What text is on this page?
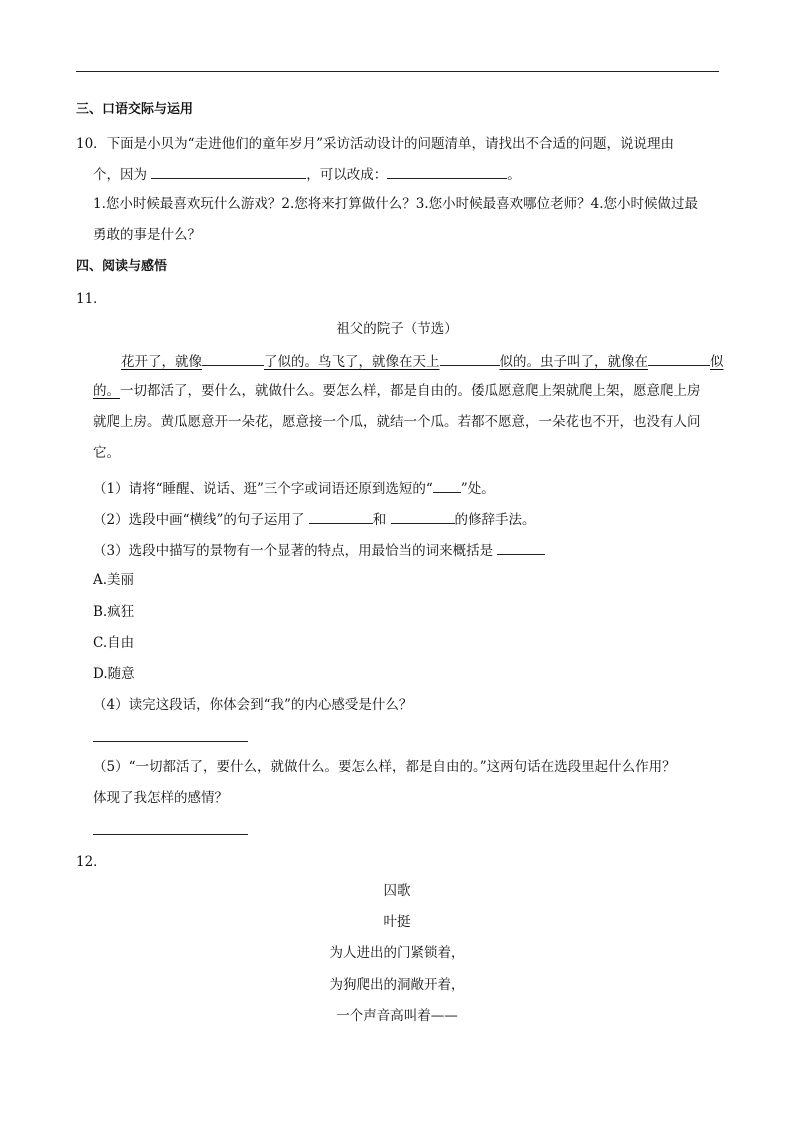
三、口语交际与运用
10．下面是小贝为“走进他们的童年岁月”采访活动设计的问题清单，请找出不合适的问题，说说理由
个，因为	，可以改成：	。
1.您小时候最喜欢玩什么游戏？2.您将来打算做什么？3.您小时候最喜欢哪位老师？4.您小时候做过最
勇敢的事是什么？
四、阅读与感悟
11．
祖父的院子（节选）
花开了，就像	了似的。鸟飞了，就像在天上	似的。虫子叫了，就像在	似
的。一切都活了，要什么，就做什么。要怎么样，都是自由的。倭瓜愿意爬上架就爬上架，愿意爬上房
就爬上房。黄瓜愿意开一朵花，愿意接一个瓜，就结一个瓜。若都不愿意，一朵花也不开，也没有人问
它。
（1）请将“睡醒、说话、逛”三个字或词语还原到选短的“ ”处。
（2）选段中画“横线”的句子运用了	和	的修辞手法。
（3）选段中描写的景物有一个显著的特点，用最恰当的词来概括是
A.美丽
B.疯狂
C.自由
D.随意
（4）读完这段话，你体会到“我”的内心感受是什么？
（5）“一切都活了，要什么，就做什么。要怎么样，都是自由的。”这两句话在选段里起什么作用？
体现了我怎样的感情？
12．
囚歌
叶挺
为人进出的门紧锁着，
为狗爬出的洞敞开着，
一个声音高叫着——
